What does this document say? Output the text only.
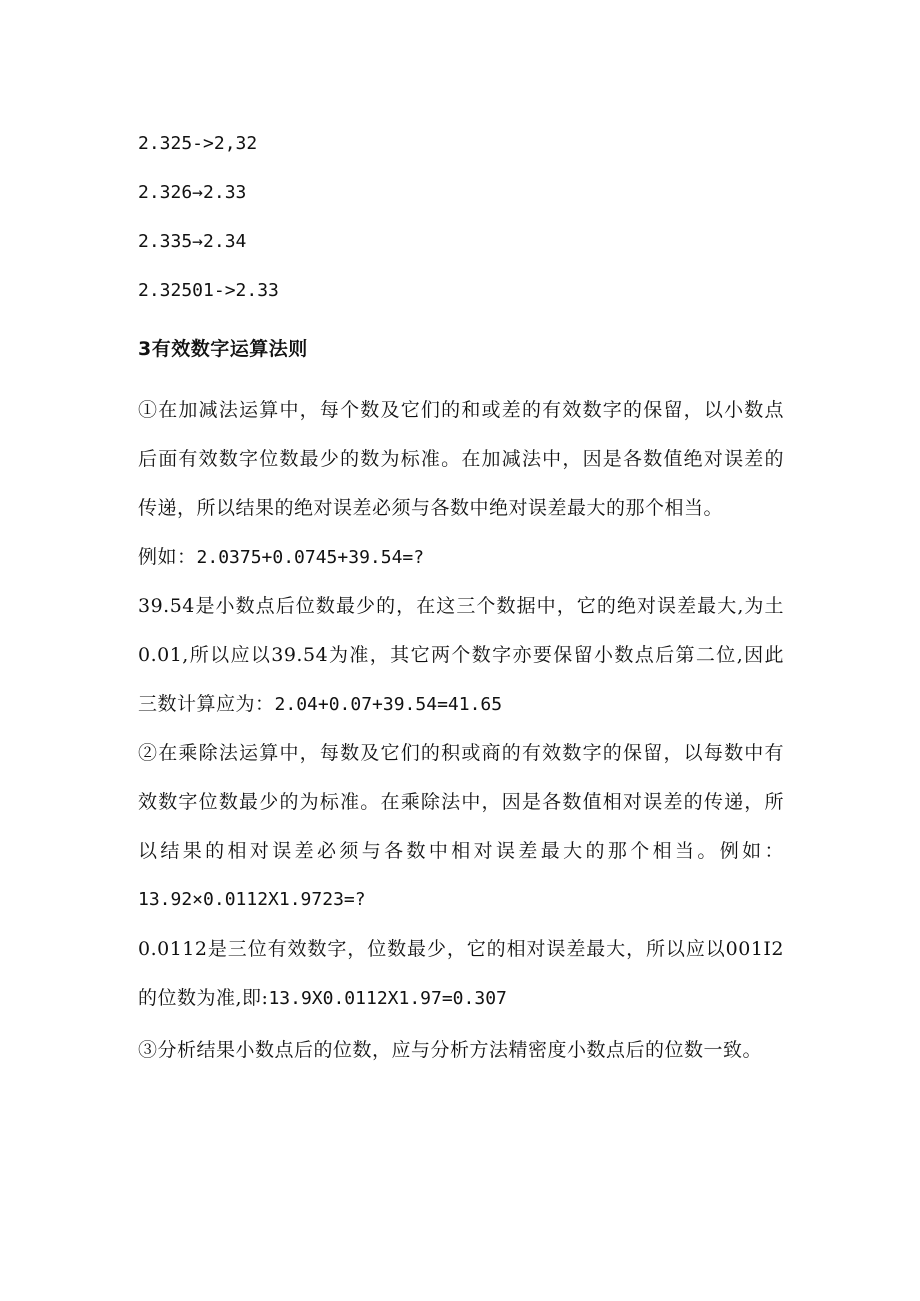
2.325->2,32
2.326→2.33
2.335→2.34
2.32501->2.33
3有效数字运算法则
①在加减法运算中，每个数及它们的和或差的有效数字的保留，以小数点
后面有效数字位数最少的数为标准。在加减法中，因是各数值绝对误差的
传递，所以结果的绝对误差必须与各数中绝对误差最大的那个相当。
例如：2.0375+0.0745+39.54=?
39.54是小数点后位数最少的，在这三个数据中，它的绝对误差最大,为土
0.01,所以应以39.54为准，其它两个数字亦要保留小数点后第二位,因此
三数计算应为：2.04+0.07+39.54=41.65
②在乘除法运算中，每数及它们的积或商的有效数字的保留，以每数中有
效数字位数最少的为标准。在乘除法中，因是各数值相对误差的传递，所
以结果的相对误差必须与各数中相对误差最大的那个相当。例如：
13.92×0.0112X1.9723=?
0.0112是三位有效数字，位数最少，它的相对误差最大，所以应以001I2
的位数为准,即:13.9X0.0112X1.97=0.307
③分析结果小数点后的位数，应与分析方法精密度小数点后的位数一致。
